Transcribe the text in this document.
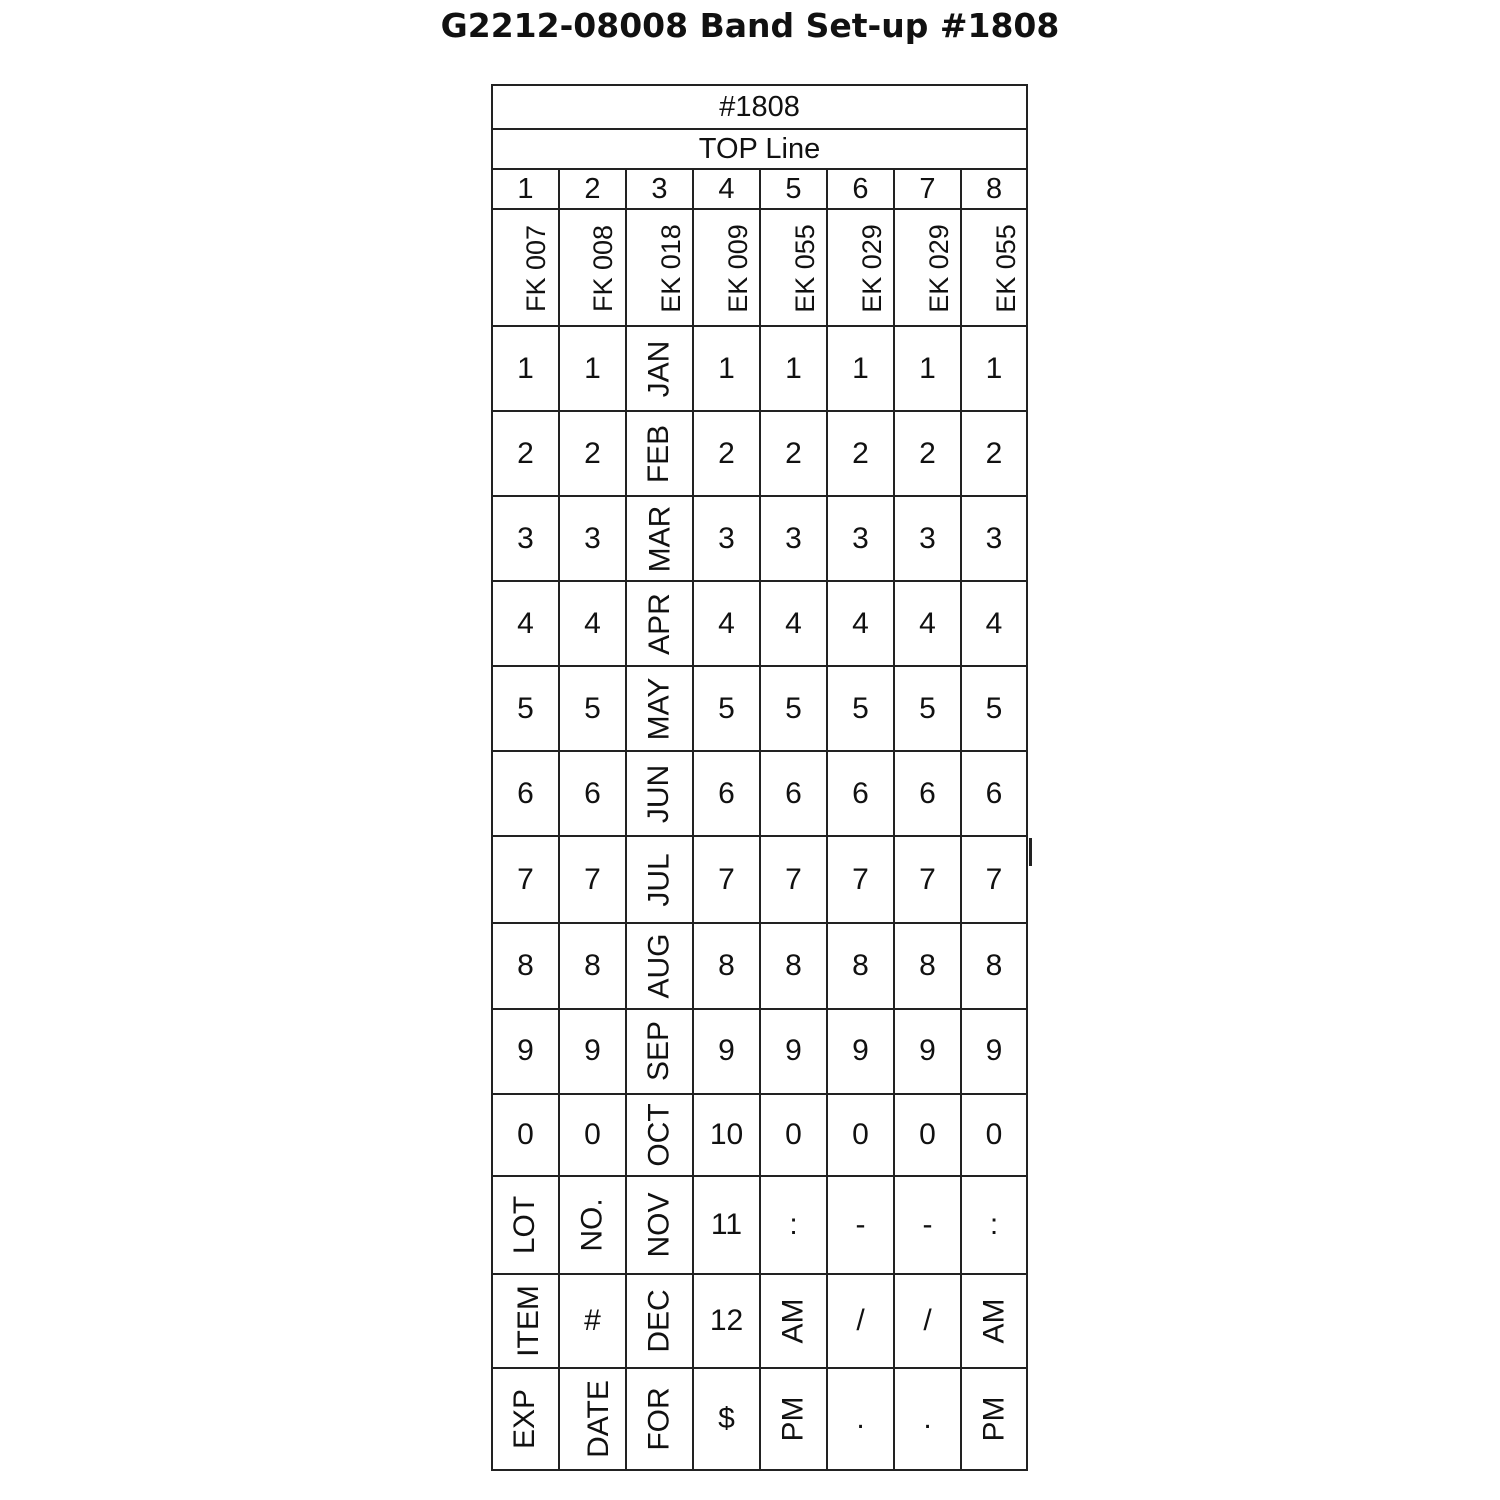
G2212-08008 Band Set-up #1808
#1808							
TOP Line							
1	2	3	4	5	6	7	8
FK 007	FK 008	EK 018	EK 009	EK 055	EK 029	EK 029	EK 055
1	1	JAN	1	1	1	1	1
2	2	FEB	2	2	2	2	2
3	3	MAR	3	3	3	3	3
4	4	APR	4	4	4	4	4
5	5	MAY	5	5	5	5	5
6	6	JUN	6	6	6	6	6
7	7	JUL	7	7	7	7	7
8	8	AUG	8	8	8	8	8
9	9	SEP	9	9	9	9	9
0	0	OCT	10	0	0	0	0
LOT	NO.	NOV	11	:	-	-	:
ITEM	#	DEC	12	AM	/	/	AM
EXP	DATE	FOR	$	PM	.	.	PM
